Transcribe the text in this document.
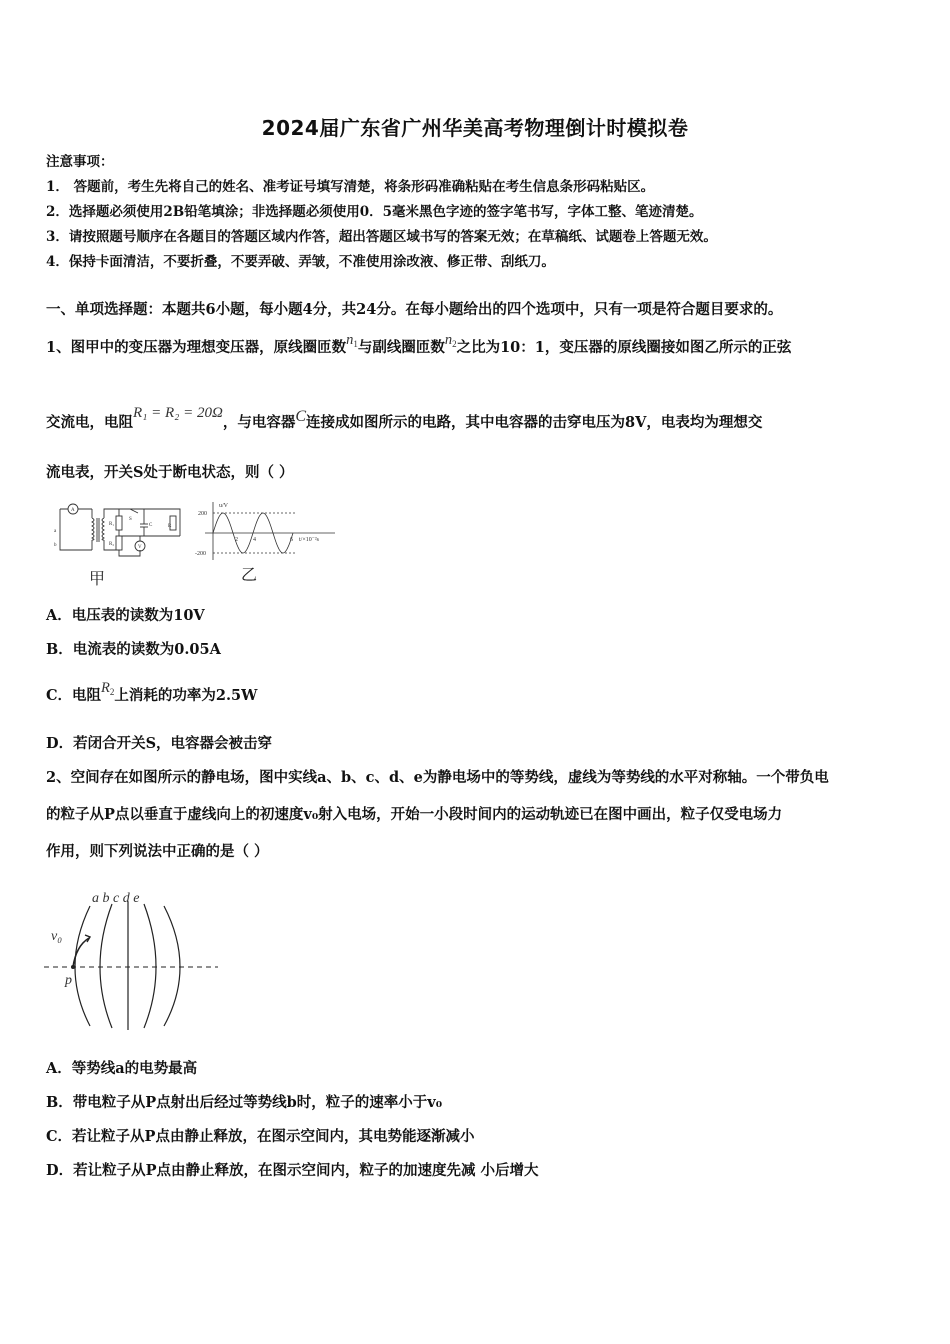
2024届广东省广州华美高考物理倒计时模拟卷
注意事项：
1． 答题前，考生先将自己的姓名、准考证号填写清楚，将条形码准确粘贴在考生信息条形码粘贴区。
2．选择题必须使用2B铅笔填涂；非选择题必须使用0．5毫米黑色字迹的签字笔书写，字体工整、笔迹清楚。
3．请按照题号顺序在各题目的答题区域内作答，超出答题区域书写的答案无效；在草稿纸、试题卷上答题无效。
4．保持卡面清洁，不要折叠，不要弄破、弄皱，不准使用涂改液、修正带、刮纸刀。
一、单项选择题：本题共6小题，每小题4分，共24分。在每小题给出的四个选项中，只有一项是符合题目要求的。
1、图甲中的变压器为理想变压器，原线圈匝数$n_1$与副线圈匝数$n_2$之比为10：1，变压器的原线圈接如图乙所示的正弦
交流电，电阻R₁ = R₂ = 20Ω，与电容器C连接成如图所示的电路，其中电容器的击穿电压为8V，电表均为理想交
流电表，开关S处于断电状态，则（ ）
A
V
a
b
R₁
R₂
S
C	R
甲
u/V
200
-200
2	4	6 t/×10⁻²s
乙
A．电压表的读数为10V
B．电流表的读数为0.05A
C．电阻$R_2$上消耗的功率为2.5W
D．若闭合开关S，电容器会被击穿
2、空间存在如图所示的静电场，图中实线a、b、c、d、e为静电场中的等势线，虚线为等势线的水平对称轴。一个带负电
的粒子从P点以垂直于虚线向上的初速度v₀射入电场，开始一小段时间内的运动轨迹已在图中画出，粒子仅受电场力
作用，则下列说法中正确的是（ ）
a b c d e
v₀
p
A．等势线a的电势最高
B．带电粒子从P点射出后经过等势线b时，粒子的速率小于v₀
C．若让粒子从P点由静止释放，在图示空间内，其电势能逐渐减小
D．若让粒子从P点由静止释放，在图示空间内，粒子的加速度先减 小后增大
